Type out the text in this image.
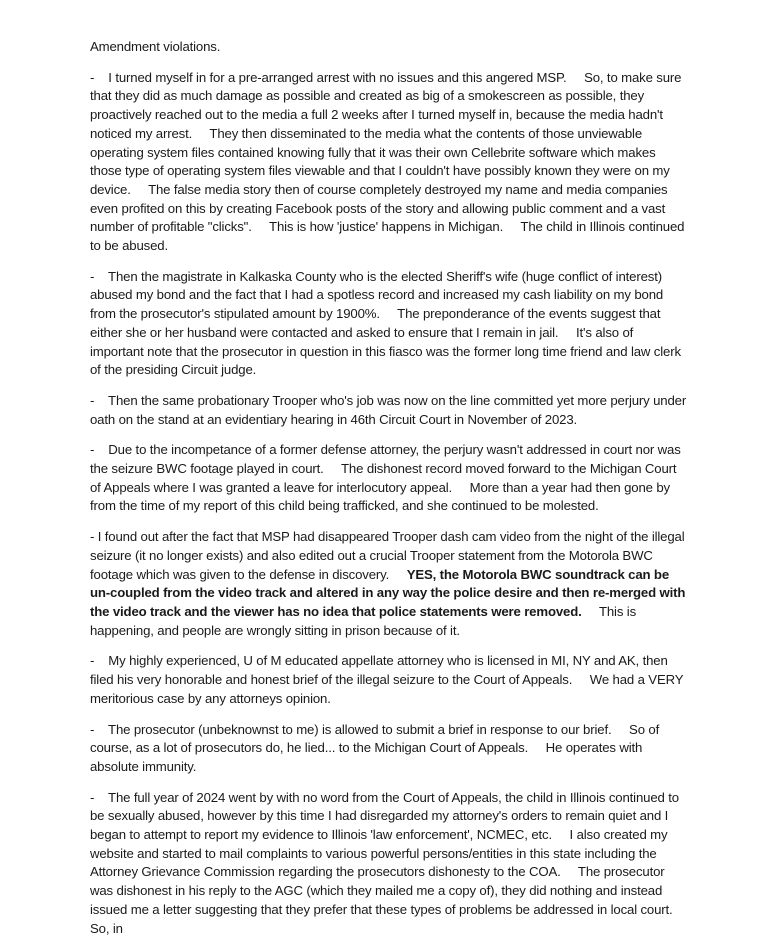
Amendment violations.

-    I turned myself in for a pre-arranged arrest with no issues and this angered MSP.     So, to make sure that they did as much damage as possible and created as big of a smokescreen as possible, they proactively reached out to the media a full 2 weeks after I turned myself in, because the media hadn't noticed my arrest.     They then disseminated to the media what the contents of those unviewable operating system files contained knowing fully that it was their own Cellebrite software which makes those type of operating system files viewable and that I couldn't have possibly known they were on my device.     The false media story then of course completely destroyed my name and media companies even profited on this by creating Facebook posts of the story and allowing public comment and a vast number of profitable "clicks".     This is how 'justice' happens in Michigan.     The child in Illinois continued to be abused.

-    Then the magistrate in Kalkaska County who is the elected Sheriff's wife (huge conflict of interest) abused my bond and the fact that I had a spotless record and increased my cash liability on my bond from the prosecutor's stipulated amount by 1900%.     The preponderance of the events suggest that either she or her husband were contacted and asked to ensure that I remain in jail.     It's also of important note that the prosecutor in question in this fiasco was the former long time friend and law clerk of the presiding Circuit judge.

-    Then the same probationary Trooper who's job was now on the line committed yet more perjury under oath on the stand at an evidentiary hearing in 46th Circuit Court in November of 2023.

-    Due to the incompetance of a former defense attorney, the perjury wasn't addressed in court nor was the seizure BWC footage played in court.     The dishonest record moved forward to the Michigan Court of Appeals where I was granted a leave for interlocutory appeal.     More than a year had then gone by from the time of my report of this child being trafficked, and she continued to be molested.

- I found out after the fact that MSP had disappeared Trooper dash cam video from the night of the illegal seizure (it no longer exists) and also edited out a crucial Trooper statement from the Motorola BWC footage which was given to the defense in discovery.     YES, the Motorola BWC soundtrack can be un-coupled from the video track and altered in any way the police desire and then re-merged with the video track and the viewer has no idea that police statements were removed.     This is happening, and people are wrongly sitting in prison because of it.

-    My highly experienced, U of M educated appellate attorney who is licensed in MI, NY and AK, then filed his very honorable and honest brief of the illegal seizure to the Court of Appeals.     We had a VERY meritorious case by any attorneys opinion.

-    The prosecutor (unbeknownst to me) is allowed to submit a brief in response to our brief.     So of course, as a lot of prosecutors do, he lied... to the Michigan Court of Appeals.     He operates with absolute immunity.

-    The full year of 2024 went by with no word from the Court of Appeals, the child in Illinois continued to be sexually abused, however by this time I had disregarded my attorney's orders to remain quiet and I began to attempt to report my evidence to Illinois 'law enforcement', NCMEC, etc.     I also created my website and started to mail complaints to various powerful persons/entities in this state including the Attorney Grievance Commission regarding the prosecutors dishonesty to the COA.     The prosecutor was dishonest in his reply to the AGC (which they mailed me a copy of), they did nothing and instead issued me a letter suggesting that they prefer that these types of problems be addressed in local court.     So, in
